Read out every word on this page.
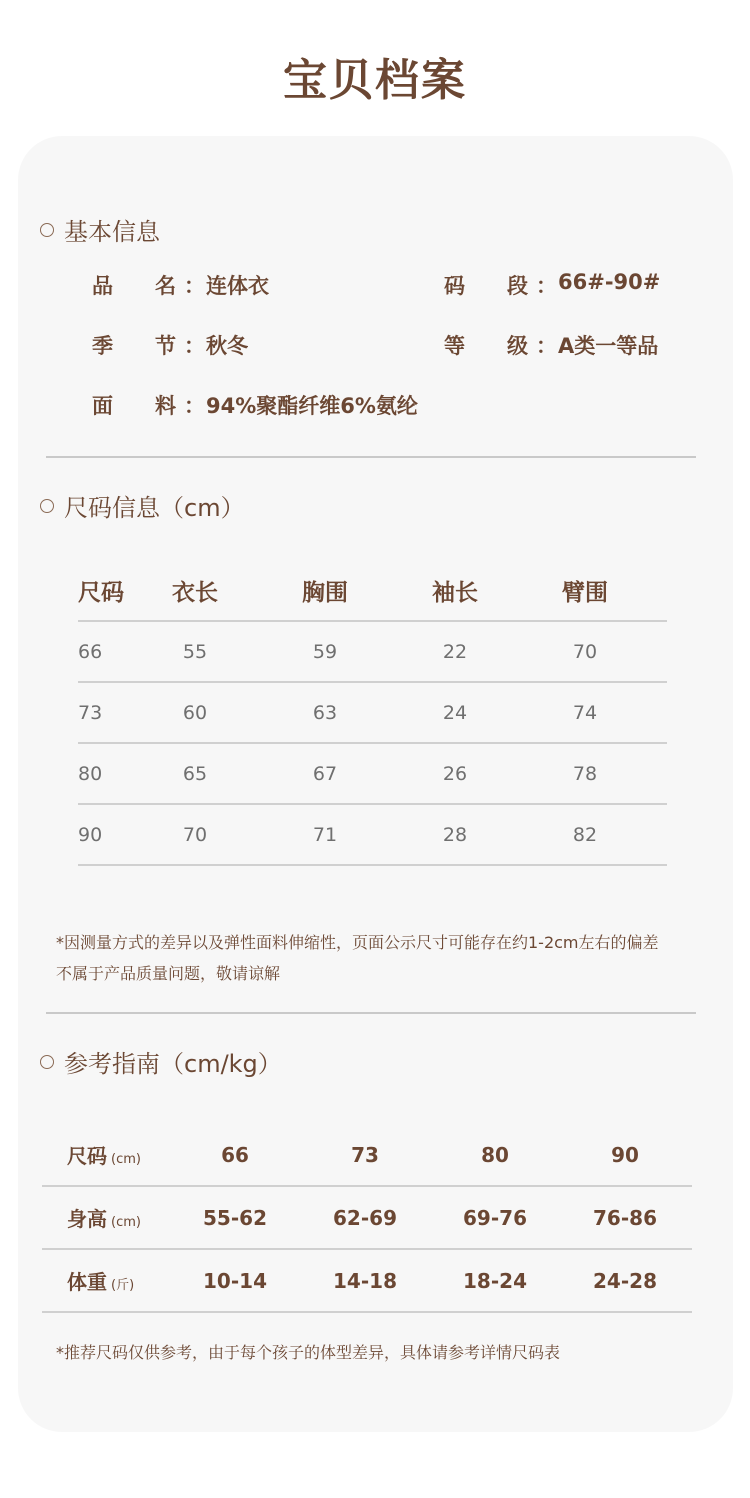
宝贝档案
基本信息
品　　名 ： 连体衣	码　　段 ： 66#-90#
季　　节 ： 秋冬	等　　级 ： A类一等品
面　　料 ： 94%聚酯纤维6%氨纶
尺码信息（cm）
尺码	衣长	胸围	袖长	臂围
66	55	59	22	70
73	60	63	24	74
80	65	67	26	78
90	70	71	28	82
*因测量方式的差异以及弹性面料伸缩性，页面公示尺寸可能存在约1-2cm左右的偏差
不属于产品质量问题，敬请谅解
参考指南（cm/kg）
尺码 (cm)	66	73	80	90
身高 (cm)	55-62	62-69	69-76	76-86
体重 (斤)	10-14	14-18	18-24	24-28
*推荐尺码仅供参考，由于每个孩子的体型差异，具体请参考详情尺码表
